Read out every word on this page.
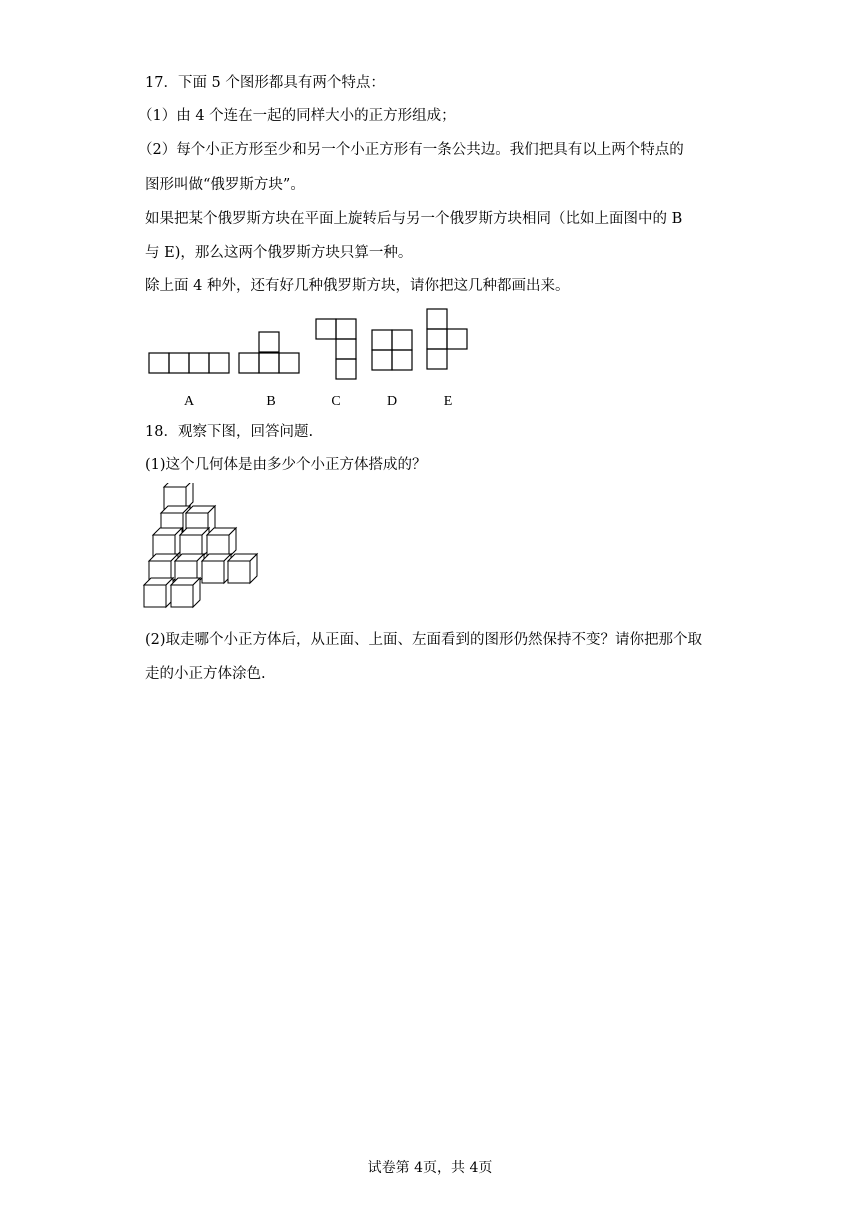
17．下面 5 个图形都具有两个特点：
（1）由 4 个连在一起的同样大小的正方形组成；
（2）每个小正方形至少和另一个小正方形有一条公共边。我们把具有以上两个特点的
图形叫做“俄罗斯方块”。
如果把某个俄罗斯方块在平面上旋转后与另一个俄罗斯方块相同（比如上面图中的 B
与 E)，那么这两个俄罗斯方块只算一种。
除上面 4 种外，还有好几种俄罗斯方块，请你把这几种都画出来。
A	B	C	D	E
18．观察下图，回答问题.
(1)这个几何体是由多少个小正方体搭成的？
(2)取走哪个小正方体后，从正面、上面、左面看到的图形仍然保持不变？请你把那个取
走的小正方体涂色.
试卷第 4页，共 4页
